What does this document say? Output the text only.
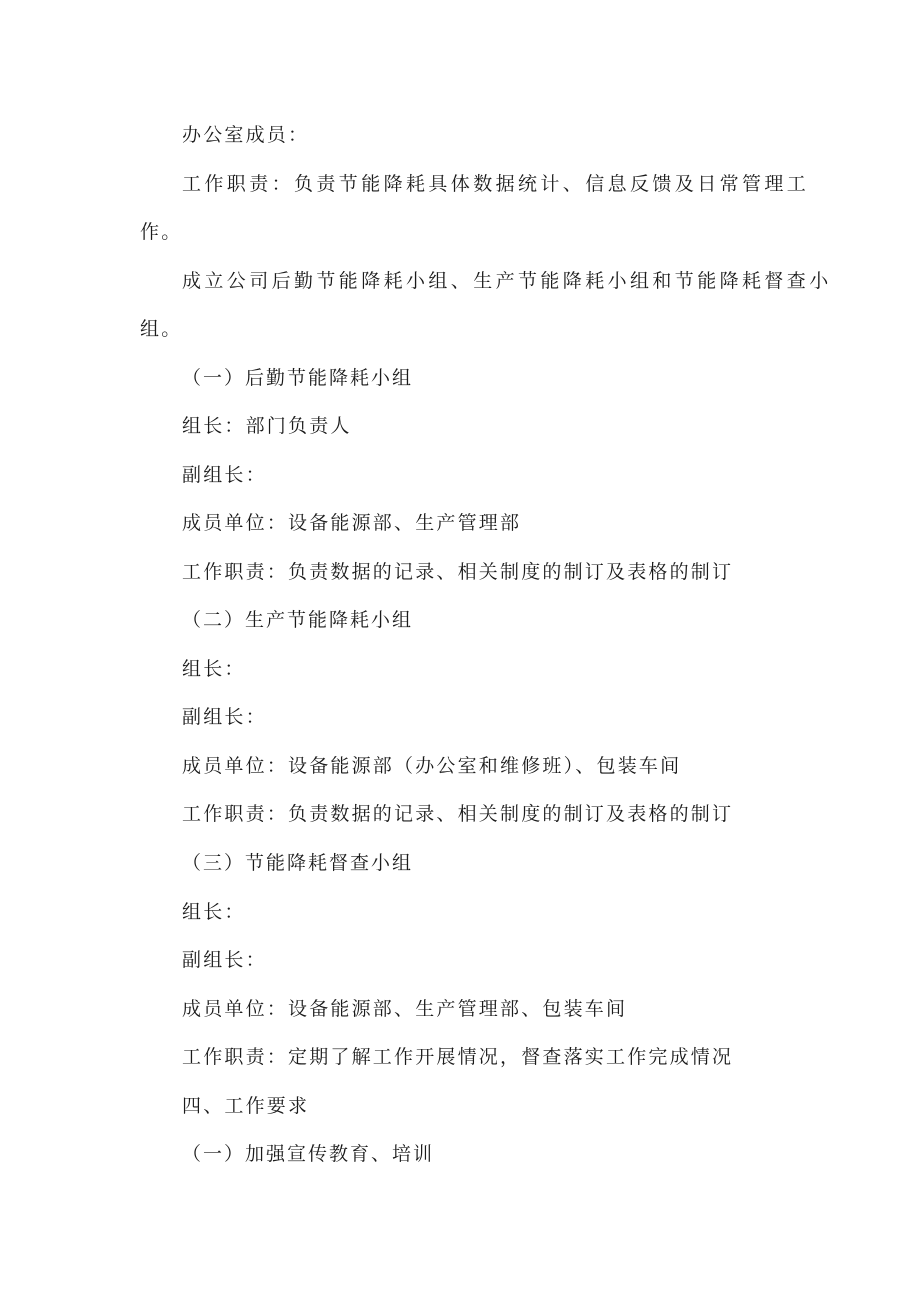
办公室成员：
工作职责：负责节能降耗具体数据统计、信息反馈及日常管理工
作。
成立公司后勤节能降耗小组、生产节能降耗小组和节能降耗督查小
组。
（一）后勤节能降耗小组
组长：部门负责人
副组长：
成员单位：设备能源部、生产管理部
工作职责：负责数据的记录、相关制度的制订及表格的制订
（二）生产节能降耗小组
组长：
副组长：
成员单位：设备能源部（办公室和维修班）、包装车间
工作职责：负责数据的记录、相关制度的制订及表格的制订
（三）节能降耗督查小组
组长：
副组长：
成员单位：设备能源部、生产管理部、包装车间
工作职责：定期了解工作开展情况，督查落实工作完成情况
四、工作要求
（一）加强宣传教育、培训
